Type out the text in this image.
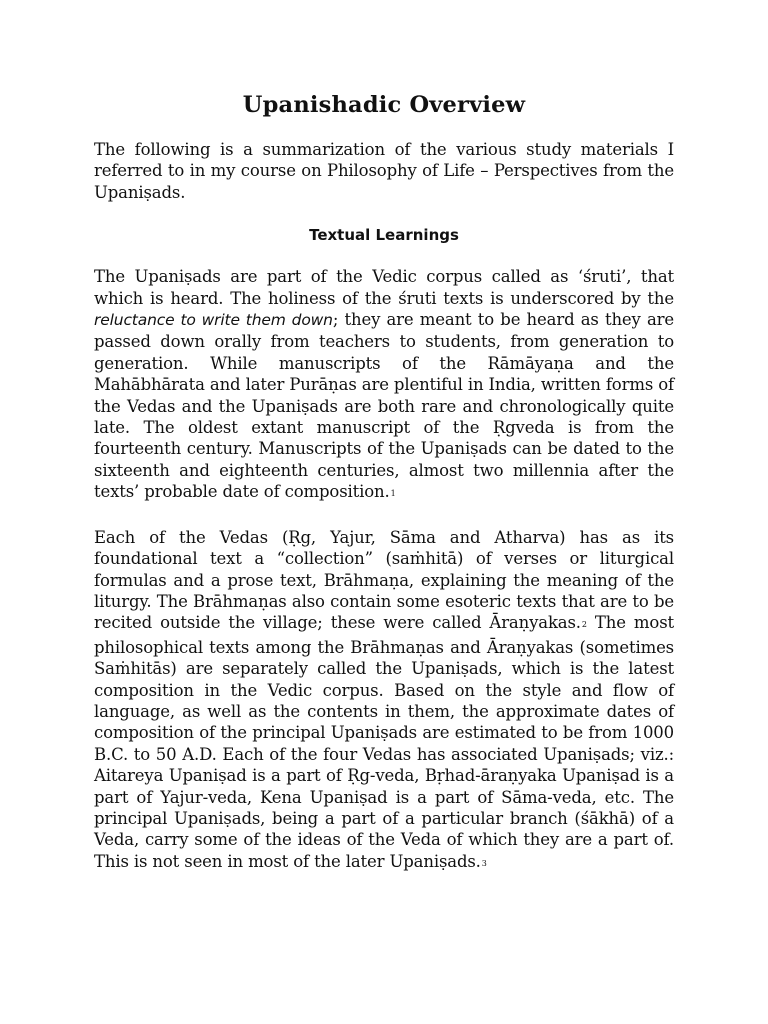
Upanishadic Overview

The following is a summarization of the various study materials I referred to in my course on Philosophy of Life – Perspectives from the Upaniṣads.

Textual Learnings

The Upaniṣads are part of the Vedic corpus called as ‘śruti’, that which is heard. The holiness of the śruti texts is underscored by the reluctance to write them down; they are meant to be heard as they are passed down orally from teachers to students, from generation to generation. While manuscripts of the Rāmāyaṇa and the Mahābhārata and later Purāṇas are plentiful in India, written forms of the Vedas and the Upaniṣads are both rare and chronologically quite late. The oldest extant manuscript of the Ṛgveda is from the fourteenth century. Manuscripts of the Upaniṣads can be dated to the sixteenth and eighteenth centuries, almost two millennia after the texts’ probable date of composition.$^1$

Each of the Vedas (Ṛg, Yajur, Sāma and Atharva) has as its foundational text a “collection” (saṁhitā) of verses or liturgical formulas and a prose text, Brāhmaṇa, explaining the meaning of the liturgy. The Brāhmaṇas also contain some esoteric texts that are to be recited outside the village; these were called Āraṇyakas.$^2$ The most philosophical texts among the Brāhmaṇas and Āraṇyakas (sometimes Saṁhitās) are separately called the Upaniṣads, which is the latest composition in the Vedic corpus. Based on the style and flow of language, as well as the contents in them, the approximate dates of composition of the principal Upaniṣads are estimated to be from 1000 B.C. to 50 A.D. Each of the four Vedas has associated Upaniṣads; viz.: Aitareya Upaniṣad is a part of Ṛg-veda, Bṛhad-āraṇyaka Upaniṣad is a part of Yajur-veda, Kena Upaniṣad is a part of Sāma-veda, etc. The principal Upaniṣads, being a part of a particular branch (śākhā) of a Veda, carry some of the ideas of the Veda of which they are a part of. This is not seen in most of the later Upaniṣads.$^3$
